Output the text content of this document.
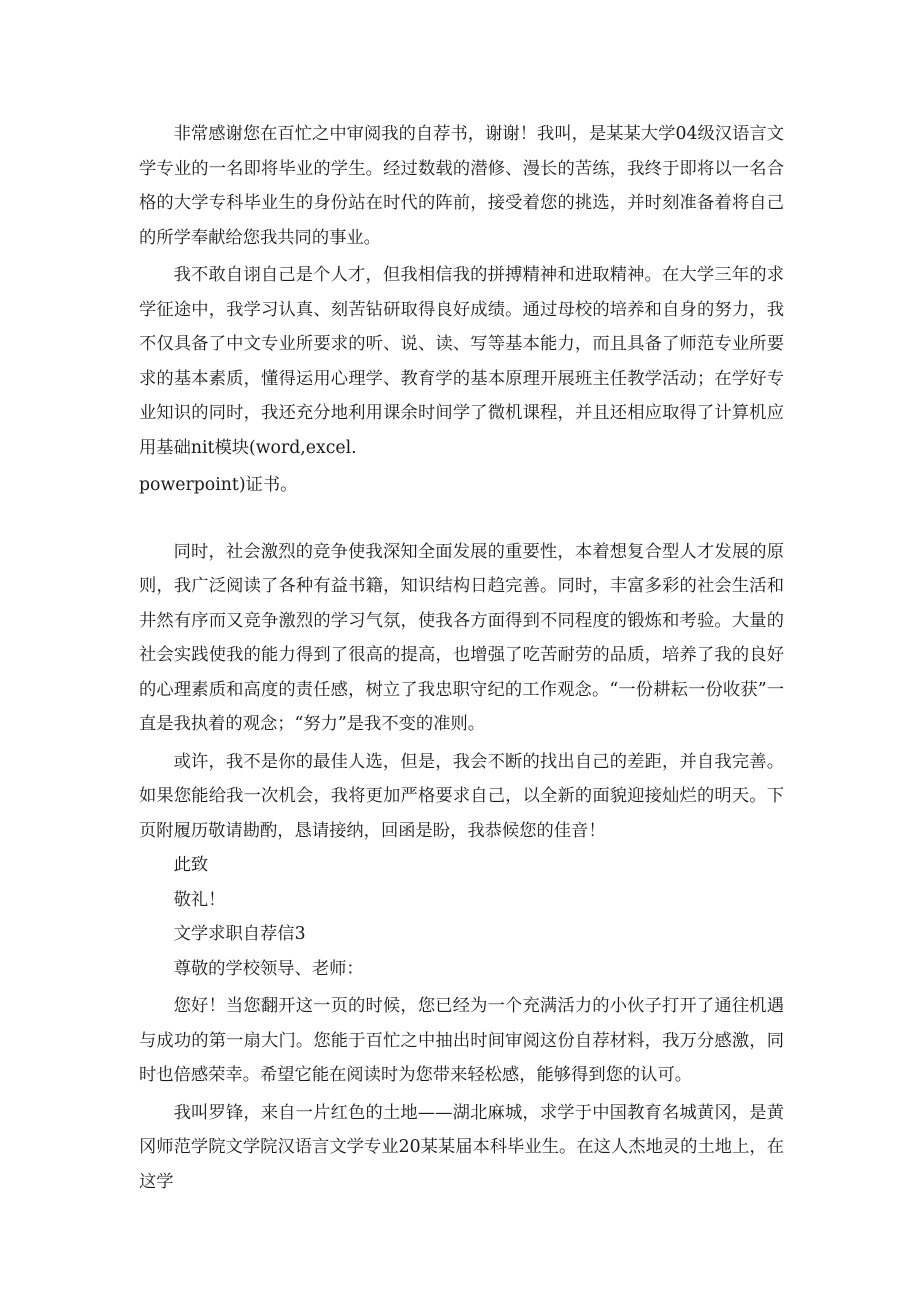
非常感谢您在百忙之中审阅我的自荐书，谢谢！我叫，是某某大学04级汉语言文学专业的一名即将毕业的学生。经过数载的潜修、漫长的苦练，我终于即将以一名合格的大学专科毕业生的身份站在时代的阵前，接受着您的挑选，并时刻准备着将自己的所学奉献给您我共同的事业。

我不敢自诩自己是个人才，但我相信我的拼搏精神和进取精神。在大学三年的求学征途中，我学习认真、刻苦钻研取得良好成绩。通过母校的培养和自身的努力，我不仅具备了中文专业所要求的听、说、读、写等基本能力，而且具备了师范专业所要求的基本素质，懂得运用心理学、教育学的基本原理开展班主任教学活动；在学好专业知识的同时，我还充分地利用课余时间学了微机课程，并且还相应取得了计算机应用基础nit模块(word,excel.

powerpoint)证书。

同时，社会激烈的竞争使我深知全面发展的重要性，本着想复合型人才发展的原则，我广泛阅读了各种有益书籍，知识结构日趋完善。同时，丰富多彩的社会生活和井然有序而又竞争激烈的学习气氛，使我各方面得到不同程度的锻炼和考验。大量的社会实践使我的能力得到了很高的提高，也增强了吃苦耐劳的品质，培养了我的良好的心理素质和高度的责任感，树立了我忠职守纪的工作观念。“一份耕耘一份收获”一直是我执着的观念；“努力”是我不变的准则。

或许，我不是你的最佳人选，但是，我会不断的找出自己的差距，并自我完善。如果您能给我一次机会，我将更加严格要求自己，以全新的面貌迎接灿烂的明天。下页附履历敬请勘酌，恳请接纳，回函是盼，我恭候您的佳音！

此致

敬礼！

文学求职自荐信3

尊敬的学校领导、老师：

您好！当您翻开这一页的时候，您已经为一个充满活力的小伙子打开了通往机遇与成功的第一扇大门。您能于百忙之中抽出时间审阅这份自荐材料，我万分感激，同时也倍感荣幸。希望它能在阅读时为您带来轻松感，能够得到您的认可。

我叫罗锋，来自一片红色的土地——湖北麻城，求学于中国教育名城黄冈，是黄冈师范学院文学院汉语言文学专业20某某届本科毕业生。在这人杰地灵的土地上，在这学
